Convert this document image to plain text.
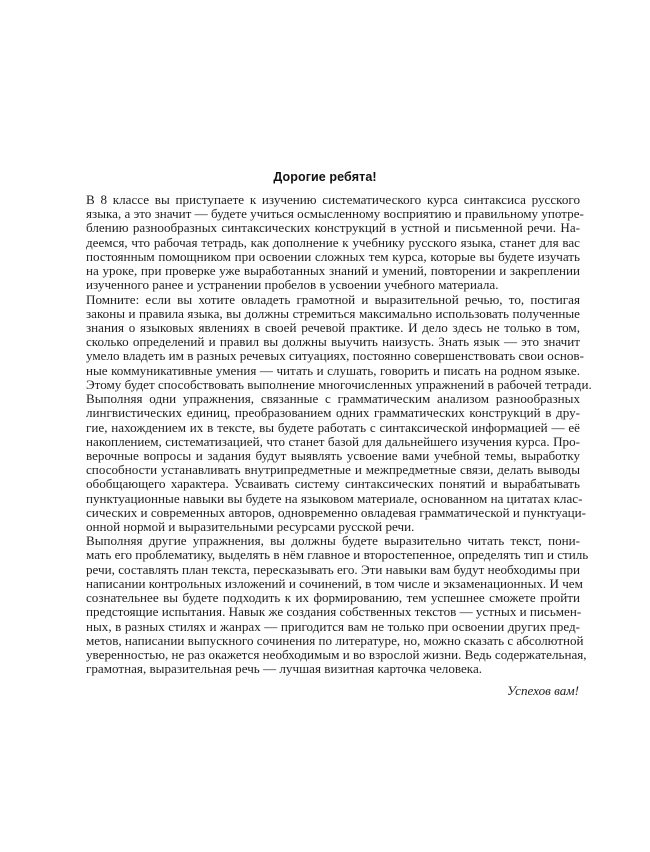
Дорогие ребята!

В 8 классе вы приступаете к изучению систематического курса синтаксиса русского
языка, а это значит — будете учиться осмысленному восприятию и правильному употре-
блению разнообразных синтаксических конструкций в устной и письменной речи. На-
деемся, что рабочая тетрадь, как дополнение к учебнику русского языка, станет для вас
постоянным помощником при освоении сложных тем курса, которые вы будете изучать
на уроке, при проверке уже выработанных знаний и умений, повторении и закреплении
изученного ранее и устранении пробелов в усвоении учебного материала.

Помните: если вы хотите овладеть грамотной и выразительной речью, то, постигая
законы и правила языка, вы должны стремиться максимально использовать полученные
знания о языковых явлениях в своей речевой практике. И дело здесь не только в том,
сколько определений и правил вы должны выучить наизусть. Знать язык — это значит
умело владеть им в разных речевых ситуациях, постоянно совершенствовать свои основ-
ные коммуникативные умения — читать и слушать, говорить и писать на родном языке.
Этому будет способствовать выполнение многочисленных упражнений в рабочей тетради.

Выполняя одни упражнения, связанные с грамматическим анализом разнообразных
лингвистических единиц, преобразованием одних грамматических конструкций в дру-
гие, нахождением их в тексте, вы будете работать с синтаксической информацией — её
накоплением, систематизацией, что станет базой для дальнейшего изучения курса. Про-
верочные вопросы и задания будут выявлять усвоение вами учебной темы, выработку
способности устанавливать внутрипредметные и межпредметные связи, делать выводы
обобщающего характера. Усваивать систему синтаксических понятий и вырабатывать
пунктуационные навыки вы будете на языковом материале, основанном на цитатах клас-
сических и современных авторов, одновременно овладевая грамматической и пунктуаци-
онной нормой и выразительными ресурсами русской речи.

Выполняя другие упражнения, вы должны будете выразительно читать текст, пони-
мать его проблематику, выделять в нём главное и второстепенное, определять тип и стиль
речи, составлять план текста, пересказывать его. Эти навыки вам будут необходимы при
написании контрольных изложений и сочинений, в том числе и экзаменационных. И чем
сознательнее вы будете подходить к их формированию, тем успешнее сможете пройти
предстоящие испытания. Навык же создания собственных текстов — устных и письмен-
ных, в разных стилях и жанрах — пригодится вам не только при освоении других пред-
метов, написании выпускного сочинения по литературе, но, можно сказать с абсолютной
уверенностью, не раз окажется необходимым и во взрослой жизни. Ведь содержательная,
грамотная, выразительная речь — лучшая визитная карточка человека.

Успехов вам!
